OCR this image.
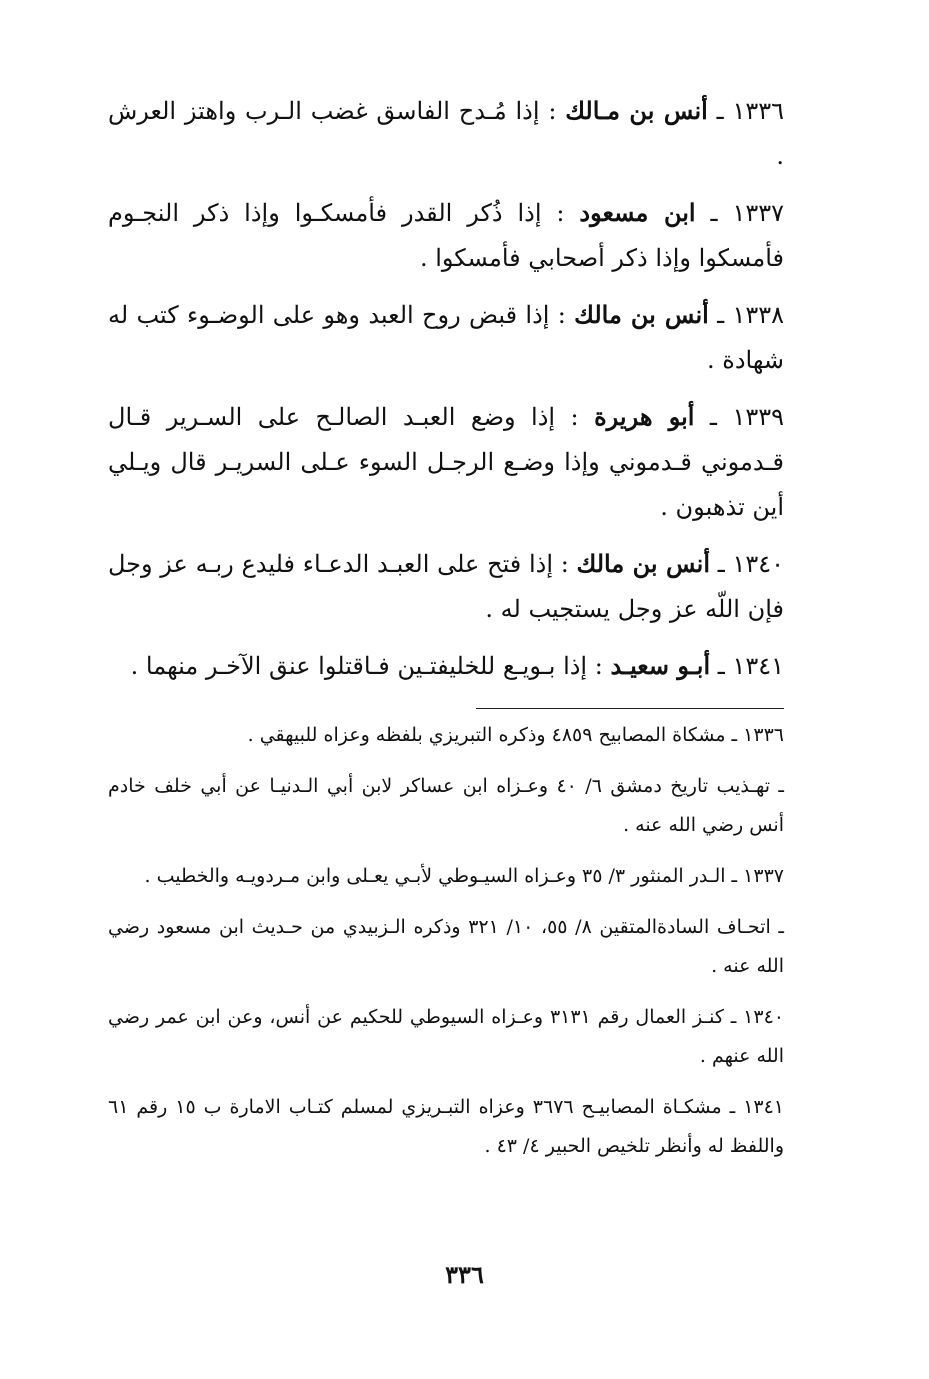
١٣٣٦ ـ أنس بن مـالك : إذا مُـدح الفاسق غضب الـرب واهتز العرش .

١٣٣٧ ـ ابن مسعود : إذا ذُكر القدر فأمسكـوا وإذا ذكر النجـوم فأمسكوا وإذا ذكر أصحابي فأمسكوا .

١٣٣٨ ـ أنس بن مالك : إذا قبض روح العبد وهو على الوضـوء كتب له شهادة .

١٣٣٩ ـ أبو هريرة : إذا وضع العبـد الصالـح على السـرير قـال قـدموني قـدموني وإذا وضـع الرجـل السوء عـلى السريـر قال ويـلي أين تذهبون .

١٣٤٠ ـ أنس بن مالك : إذا فتح على العبـد الدعـاء فليدع ربـه عز وجل فإن اللّه عز وجل يستجيب له .

١٣٤١ ـ أبـو سعيـد : إذا بـويـع للخليفتـين فـاقتلوا عنق الآخـر منهما .

١٣٣٦ ـ مشكاة المصابيح ٤٨٥٩ وذكره التبريزي بلفظه وعزاه للبيهقي .

ـ تهـذيب تاريخ دمشق ٦/ ٤٠ وعـزاه ابن عساكر لابن أبي الـدنيـا عن أبي خلف خادم أنس رضي الله عنه .

١٣٣٧ ـ الـدر المنثور ٣/ ٣٥ وعـزاه السيـوطي لأبـي يعـلى وابن مـردويـه والخطيب .

ـ اتحـاف السادةالمتقين ٨/ ٥٥، ١٠/ ٣٢١ وذكره الـزبيدي من حـديث ابن مسعود رضي الله عنه .

١٣٤٠ ـ كنـز العمال رقم ٣١٣١ وعـزاه السيوطي للحكيم عن أنس، وعن ابن عمر رضي الله عنهم .

١٣٤١ ـ مشكـاة المصابيـح ٣٦٧٦ وعزاه التبـريزي لمسلم كتـاب الامارة ب ١٥ رقم ٦١ واللفظ له وأنظر تلخيص الحبير ٤/ ٤٣ .

٣٣٦
